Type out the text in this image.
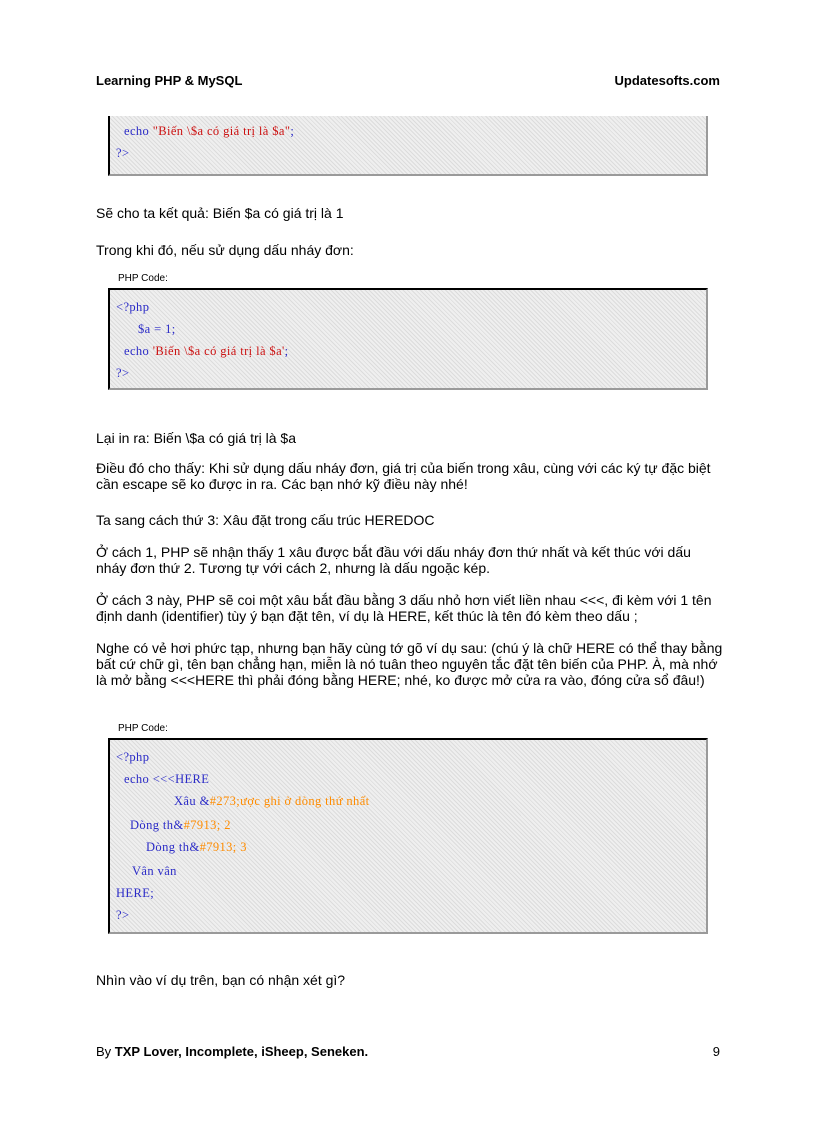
Learning PHP & MySQL	Updatesofts.com
echo "Biến \$a có giá trị là $a";
?>
Sẽ cho ta kết quả: Biến $a có giá trị là 1
Trong khi đó, nếu sử dụng dấu nháy đơn:
PHP Code:
<?php
$a = 1;
echo 'Biến \$a có giá trị là $a';
?>
Lại in ra: Biến \$a có giá trị là $a
Điều đó cho thấy: Khi sử dụng dấu nháy đơn, giá trị của biến trong xâu, cùng với các ký tự đặc biệt cần escape sẽ ko được in ra. Các bạn nhớ kỹ điều này nhé!
Ta sang cách thứ 3: Xâu đặt trong cấu trúc HEREDOC
Ở cách 1, PHP sẽ nhận thấy 1 xâu được bắt đầu với dấu nháy đơn thứ nhất và kết thúc với dấu nháy đơn thứ 2. Tương tự với cách 2, nhưng là dấu ngoặc kép.
Ở cách 3 này, PHP sẽ coi một xâu bắt đầu bằng 3 dấu nhỏ hơn viết liền nhau <<<, đi kèm với 1 tên định danh (identifier) tùy ý bạn đặt tên, ví dụ là HERE, kết thúc là tên đó kèm theo dấu ;
Nghe có vẻ hơi phức tạp, nhưng bạn hãy cùng tớ gõ ví dụ sau: (chú ý là chữ HERE có thể thay bằng bất cứ chữ gì, tên bạn chẳng hạn, miễn là nó tuân theo nguyên tắc đặt tên biến của PHP. À, mà nhớ là mở bằng <<<HERE thì phải đóng bằng HERE; nhé, ko được mở cửa ra vào, đóng cửa sổ đâu!)
PHP Code:
<?php
echo <<<HERE
Xâu &#273;ược ghi ở dòng thứ nhất
Dòng th&#7913; 2
Dòng th&#7913; 3
Vân vân
HERE;
?>
Nhìn vào ví dụ trên, bạn có nhận xét gì?
By TXP Lover, Incomplete, iSheep, Seneken.	9
